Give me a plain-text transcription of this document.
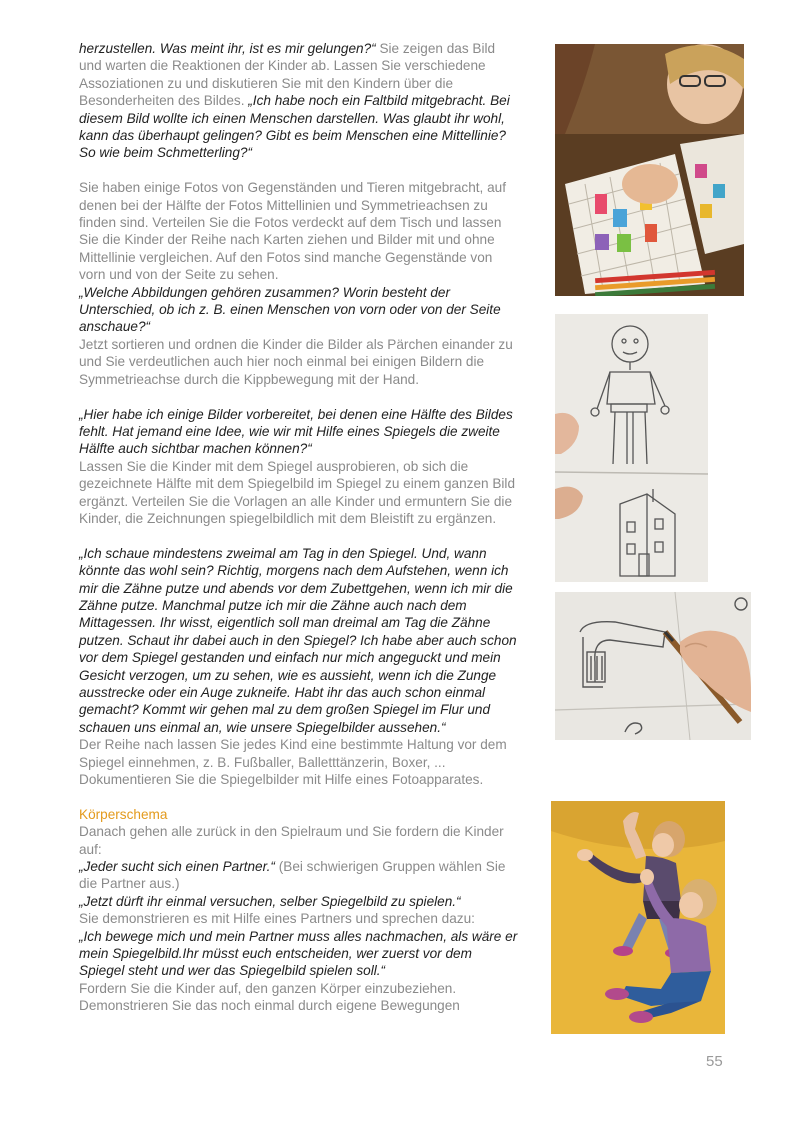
herzustellen. Was meint ihr, ist es mir gelungen?“ Sie zeigen das Bild und warten die Reaktionen der Kinder ab. Lassen Sie verschiedene Assoziationen zu und diskutieren Sie mit den Kindern über die Besonderheiten des Bildes. „Ich habe noch ein Faltbild mitgebracht. Bei diesem Bild wollte ich einen Menschen darstellen. Was glaubt ihr wohl, kann das überhaupt gelingen? Gibt es beim Menschen eine Mittellinie? So wie beim Schmetterling?“

Sie haben einige Fotos von Gegenständen und Tieren mitgebracht, auf denen bei der Hälfte der Fotos Mittellinien und Symmetrieachsen zu finden sind. Verteilen Sie die Fotos verdeckt auf dem Tisch und lassen Sie die Kinder der Reihe nach Karten ziehen und Bilder mit und ohne Mittellinie vergleichen. Auf den Fotos sind manche Gegenstände von vorn und von der Seite zu sehen.

„Welche Abbildungen gehören zusammen? Worin besteht der Unterschied, ob ich z. B. einen Menschen von vorn oder von der Seite anschaue?“

Jetzt sortieren und ordnen die Kinder die Bilder als Pärchen einander zu und Sie verdeutlichen auch hier noch einmal bei einigen Bildern die Symmetrieachse durch die Kippbewegung mit der Hand.

„Hier habe ich einige Bilder vorbereitet, bei denen eine Hälfte des Bildes fehlt. Hat jemand eine Idee, wie wir mit Hilfe eines Spiegels die zweite Hälfte auch sichtbar machen können?“

Lassen Sie die Kinder mit dem Spiegel ausprobieren, ob sich die gezeichnete Hälfte mit dem Spiegelbild im Spiegel zu einem ganzen Bild ergänzt. Verteilen Sie die Vorlagen an alle Kinder und ermuntern Sie die Kinder, die Zeichnungen spiegelbildlich mit dem Bleistift zu ergänzen.

„Ich schaue mindestens zweimal am Tag in den Spiegel. Und, wann könnte das wohl sein? Richtig, morgens nach dem Aufstehen, wenn ich mir die Zähne putze und abends vor dem Zubettgehen, wenn ich mir die Zähne putze. Manchmal putze ich mir die Zähne auch nach dem Mittagessen. Ihr wisst, eigentlich soll man dreimal am Tag die Zähne putzen. Schaut ihr dabei auch in den Spiegel? Ich habe aber auch schon vor dem Spiegel gestanden und einfach nur mich angeguckt und mein Gesicht verzogen, um zu sehen, wie es aussieht, wenn ich die Zunge ausstrecke oder ein Auge zukneife. Habt ihr das auch schon einmal gemacht? Kommt wir gehen mal zu dem großen Spiegel im Flur und schauen uns einmal an, wie unsere Spiegelbilder aussehen.“

Der Reihe nach lassen Sie jedes Kind eine bestimmte Haltung vor dem Spiegel einnehmen, z. B. Fußballer, Balletttänzerin, Boxer, ... Dokumentieren Sie die Spiegelbilder mit Hilfe eines Fotoapparates.

Körperschema

Danach gehen alle zurück in den Spielraum und Sie fordern die Kinder auf:

„Jeder sucht sich einen Partner.“ (Bei schwierigen Gruppen wählen Sie die Partner aus.)

„Jetzt dürft ihr einmal versuchen, selber Spiegelbild zu spielen.“

Sie demonstrieren es mit Hilfe eines Partners und sprechen dazu:

„Ich bewege mich und mein Partner muss alles nachmachen, als wäre er mein Spiegelbild.Ihr müsst euch entscheiden, wer zuerst vor dem Spiegel steht und wer das Spiegelbild spielen soll.“

Fordern Sie die Kinder auf, den ganzen Körper einzubeziehen. Demonstrieren Sie das noch einmal durch eigene Bewegungen

55
